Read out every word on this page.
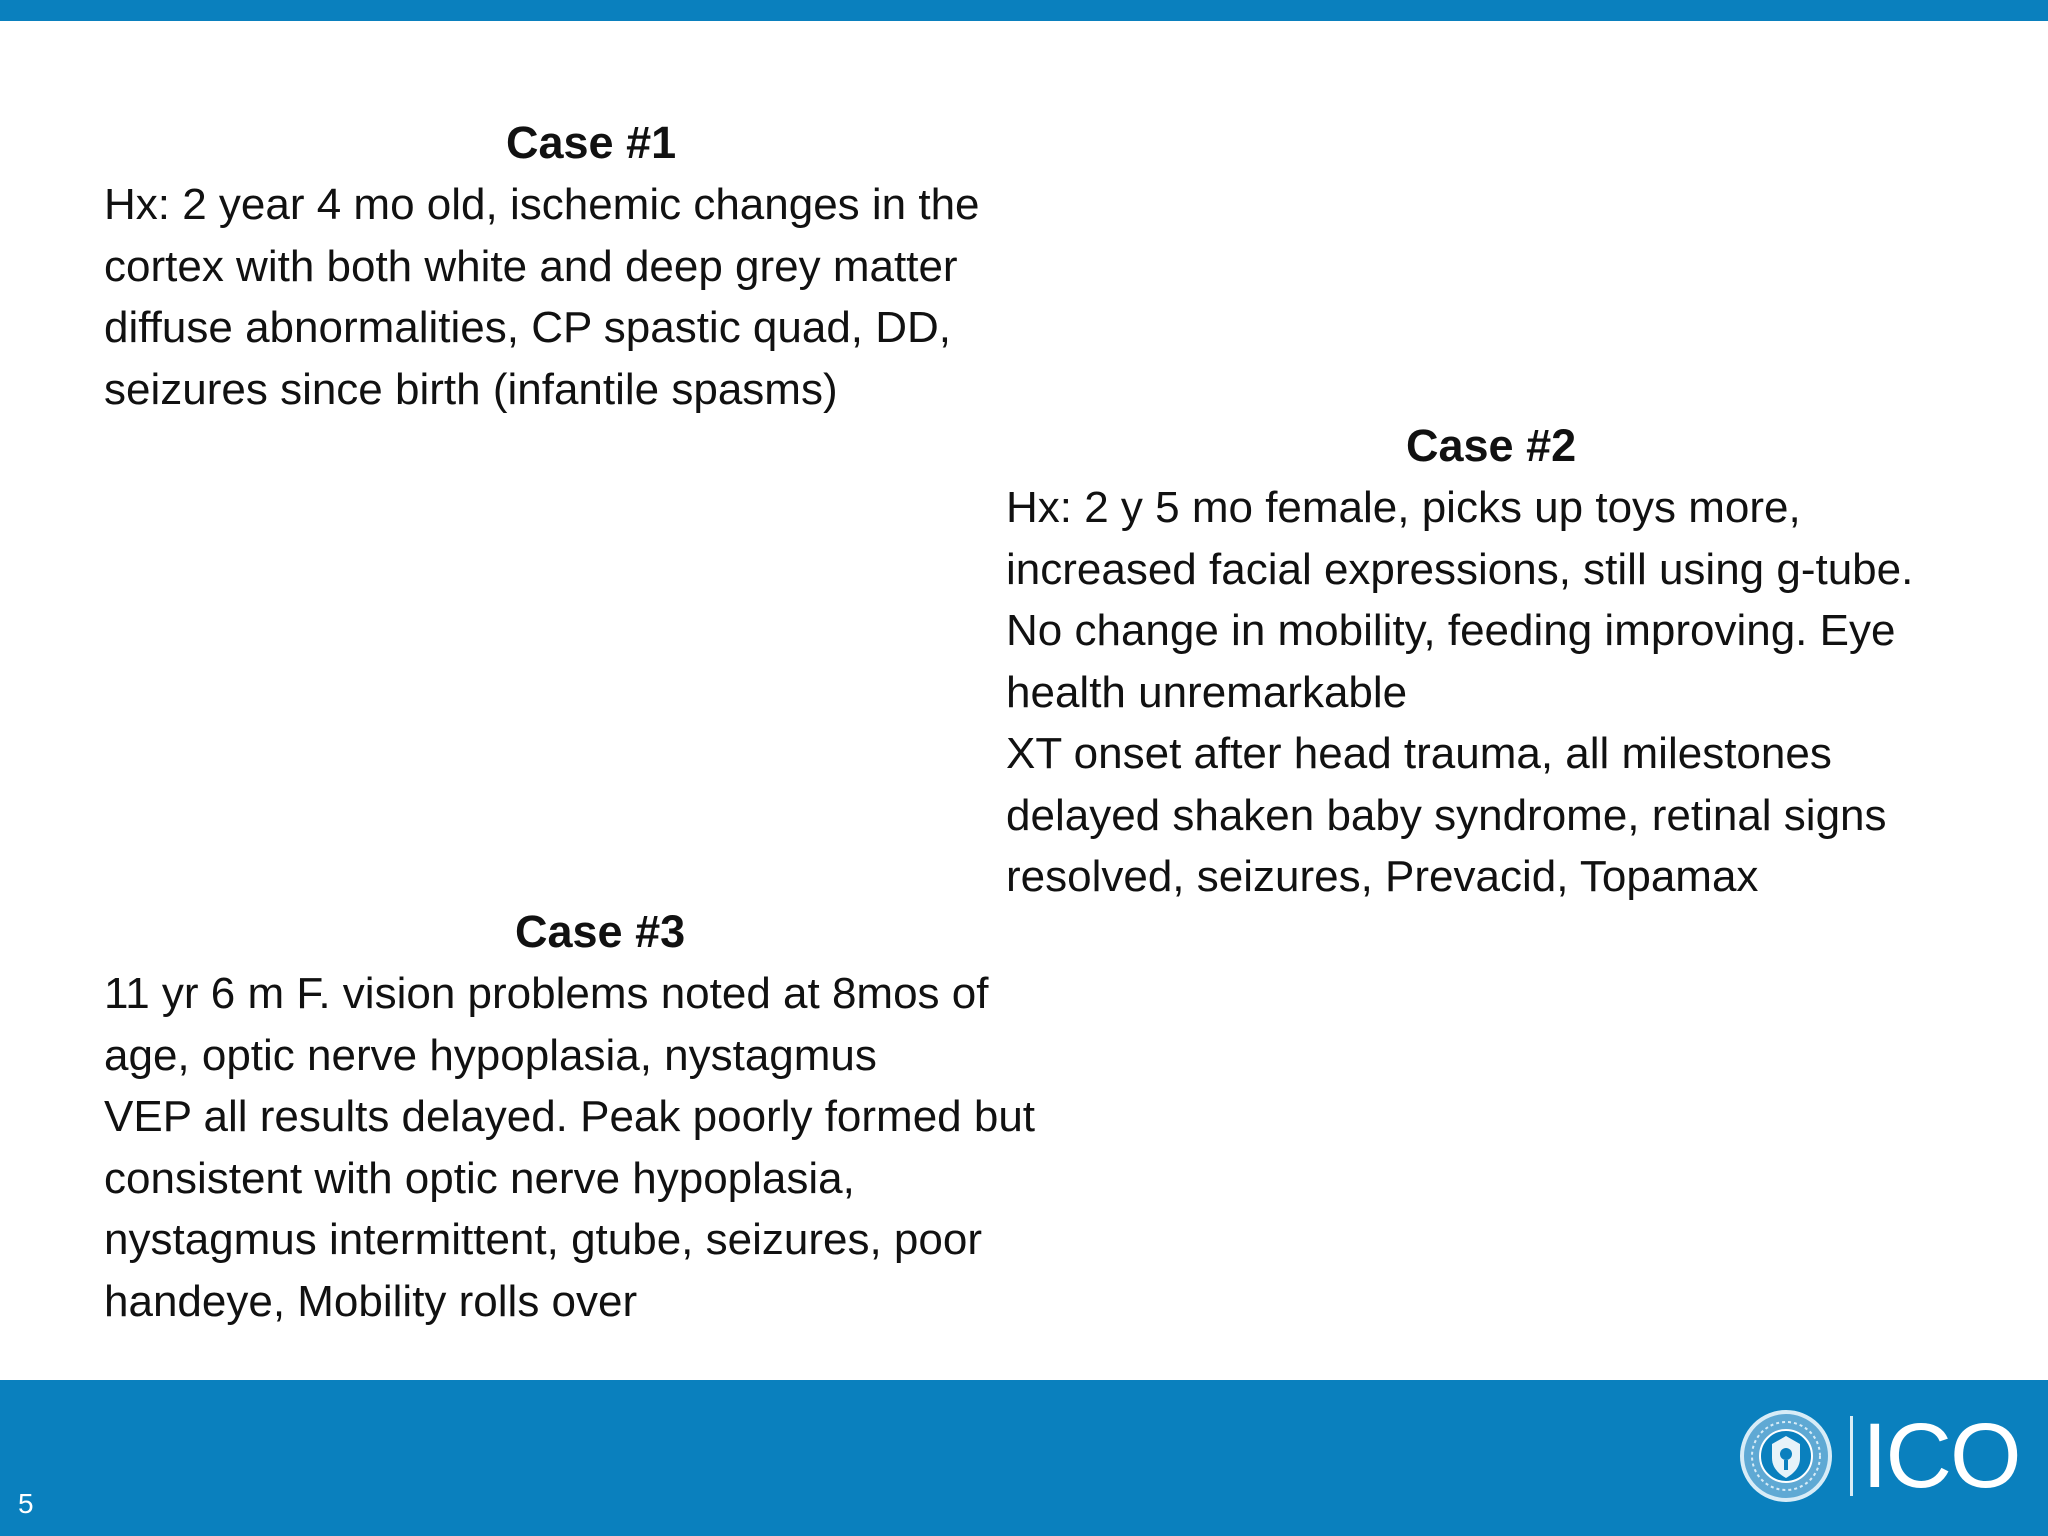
Case #1

Hx: 2 year 4 mo old, ischemic changes in the

cortex with both white and deep grey matter

diffuse abnormalities, CP spastic quad, DD,

seizures since birth (infantile spasms)

Case #2

Hx: 2 y 5 mo female, picks up toys more,

increased facial expressions, still using g-tube.

No change in mobility, feeding improving. Eye

health unremarkable

XT onset after head trauma, all milestones

delayed shaken baby syndrome, retinal signs

resolved, seizures, Prevacid, Topamax

Case #3

11 yr 6 m F. vision problems noted at 8mos of

age, optic nerve hypoplasia, nystagmus

VEP all results delayed. Peak poorly formed but

consistent with optic nerve hypoplasia,

nystagmus intermittent, gtube, seizures, poor

handeye, Mobility rolls over

5	ICO
